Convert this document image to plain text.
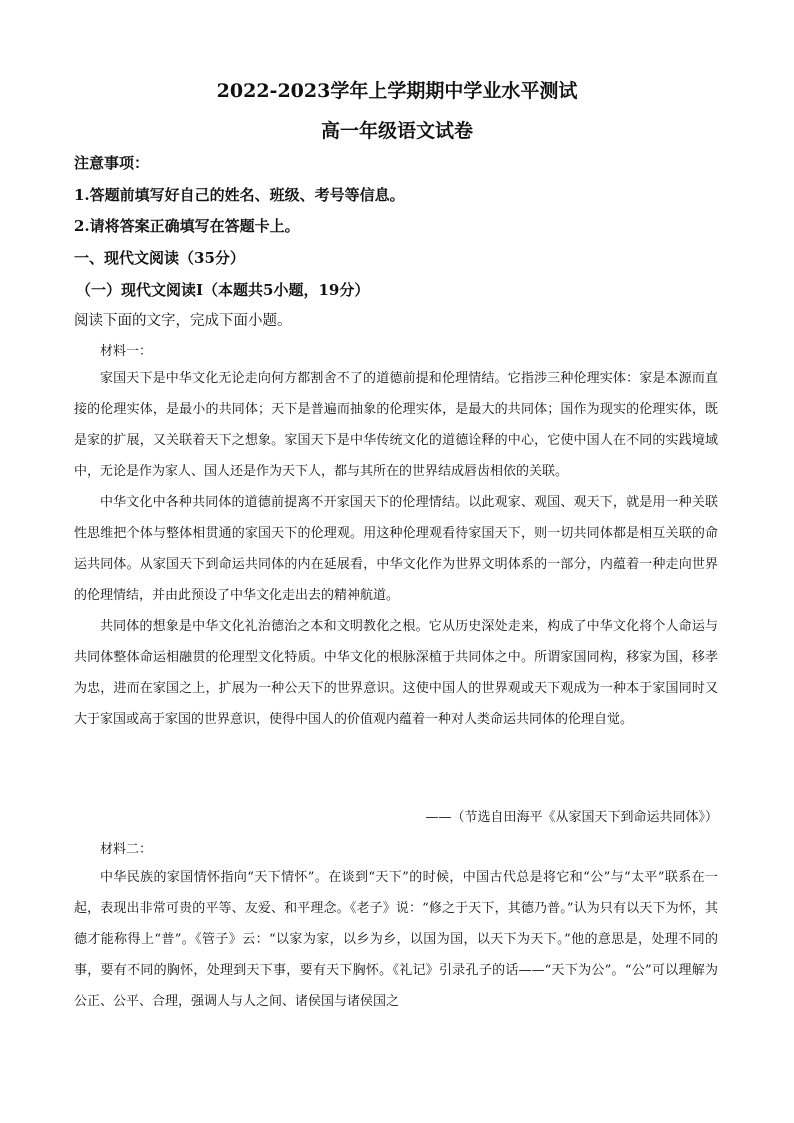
2022-2023学年上学期期中学业水平测试
高一年级语文试卷
注意事项：
1.答题前填写好自己的姓名、班级、考号等信息。
2.请将答案正确填写在答题卡上。
一、现代文阅读（35分）
（一）现代文阅读Ⅰ（本题共5小题，19分）
阅读下面的文字，完成下面小题。
材料一：

家国天下是中华文化无论走向何方都割舍不了的道德前提和伦理情结。它指涉三种伦理实体：家是本源而直接的伦理实体，是最小的共同体；天下是普遍而抽象的伦理实体，是最大的共同体；国作为现实的伦理实体，既是家的扩展，又关联着天下之想象。家国天下是中华传统文化的道德诠释的中心，它使中国人在不同的实践境域中，无论是作为家人、国人还是作为天下人，都与其所在的世界结成唇齿相依的关联。

中华文化中各种共同体的道德前提离不开家国天下的伦理情结。以此观家、观国、观天下，就是用一种关联性思维把个体与整体相贯通的家国天下的伦理观。用这种伦理观看待家国天下，则一切共同体都是相互关联的命运共同体。从家国天下到命运共同体的内在延展看，中华文化作为世界文明体系的一部分，内蕴着一种走向世界的伦理情结，并由此预设了中华文化走出去的精神航道。

共同体的想象是中华文化礼治德治之本和文明教化之根。它从历史深处走来，构成了中华文化将个人命运与共同体整体命运相融贯的伦理型文化特质。中华文化的根脉深植于共同体之中。所谓家国同构，移家为国，移孝为忠，进而在家国之上，扩展为一种公天下的世界意识。这使中国人的世界观或天下观成为一种本于家国同时又大于家国或高于家国的世界意识，使得中国人的价值观内蕴着一种对人类命运共同体的伦理自觉。

——（节选自田海平《从家国天下到命运共同体》）
材料二：

中华民族的家国情怀指向“天下情怀”。在谈到“天下”的时候，中国古代总是将它和“公”与“太平”联系在一起，表现出非常可贵的平等、友爱、和平理念。《老子》说：“修之于天下，其德乃普。”认为只有以天下为怀，其德才能称得上“普”。《管子》云：“以家为家，以乡为乡，以国为国，以天下为天下。”他的意思是，处理不同的事，要有不同的胸怀，处理到天下事，要有天下胸怀。《礼记》引录孔子的话——“天下为公”。“公”可以理解为公正、公平、合理，强调人与人之间、诸侯国与诸侯国之
